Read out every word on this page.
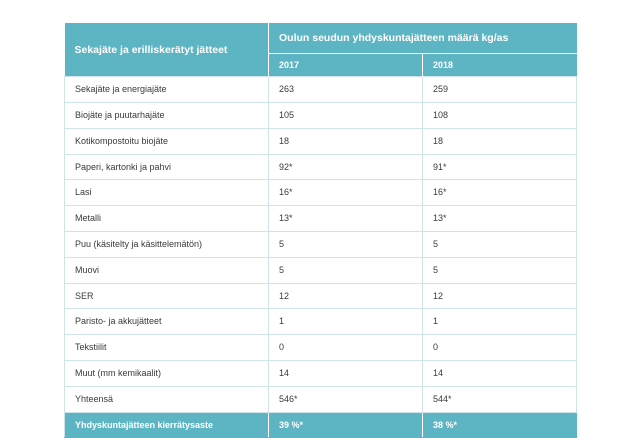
Sekajäte ja erilliskerätyt jätteet	Oulun seudun yhdyskuntajätteen määrä kg/as	
	2017	2018
Sekajäte ja energiajäte	263	259
Biojäte ja puutarhajäte	105	108
Kotikompostoitu biojäte	18	18
Paperi, kartonki ja pahvi	92*	91*
Lasi	16*	16*
Metalli	13*	13*
Puu (käsitelty ja käsittelemätön)	5	5
Muovi	5	5
SER	12	12
Paristo- ja akkujätteet	1	1
Tekstiilit	0	0
Muut (mm kemikaalit)	14	14
Yhteensä	546*	544*
Yhdyskuntajätteen kierrätysaste	39 %*	38 %*
